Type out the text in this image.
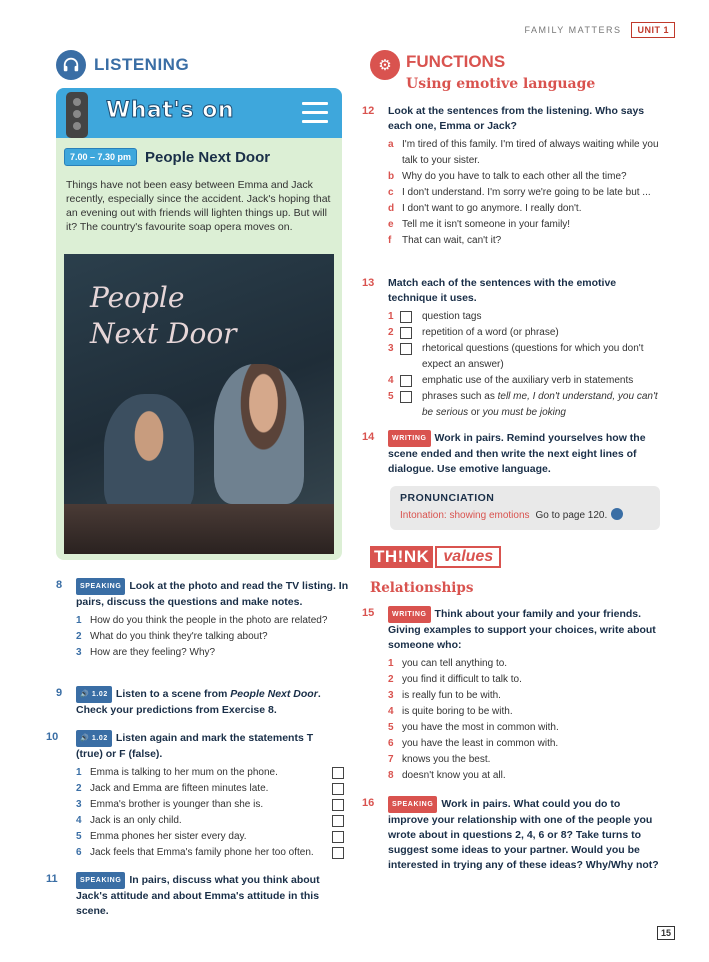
FAMILY MATTERS	UNIT 1
LISTENING
What's on
7.00 – 7.30 pm People Next Door
Things have not been easy between Emma and Jack recently, especially since the accident. Jack's hoping that an evening out with friends will lighten things up. But will it? The country's favourite soap opera moves on.
People
Next Door
8	SPEAKING Look at the photo and read the TV listing. In pairs, discuss the questions and make notes.
1 How do you think the people in the photo are related?
2 What do you think they're talking about?
3 How are they feeling? Why?
9	🔊 1.02 Listen to a scene from People Next Door. Check your predictions from Exercise 8.
10	🔊 1.02 Listen again and mark the statements T (true) or F (false).
1 Emma is talking to her mum on the phone.
2 Jack and Emma are fifteen minutes late.
3 Emma's brother is younger than she is.
4 Jack is an only child.
5 Emma phones her sister every day.
6 Jack feels that Emma's family phone her too often.
11	SPEAKING In pairs, discuss what you think about Jack's attitude and about Emma's attitude in this scene.
⚙ FUNCTIONS
Using emotive language
12	Look at the sentences from the listening. Who says each one, Emma or Jack?
a I'm tired of this family. I'm tired of always waiting while you talk to your sister.
b Why do you have to talk to each other all the time?
c I don't understand. I'm sorry we're going to be late but ...
d I don't want to go anymore. I really don't.
e Tell me it isn't someone in your family!
f That can wait, can't it?
13	Match each of the sentences with the emotive technique it uses.
1	question tags
2	repetition of a word (or phrase)
3	rhetorical questions (questions for which you don't expect an answer)
4	emphatic use of the auxiliary verb in statements
5	phrases such as tell me, I don't understand, you can't be serious or you must be joking
14	WRITING Work in pairs. Remind yourselves how the scene ended and then write the next eight lines of dialogue. Use emotive language.
PRONUNCIATION
Intonation: showing emotions Go to page 120.
TH!NK values
Relationships
15	WRITING Think about your family and your friends. Giving examples to support your choices, write about someone who:
1 you can tell anything to.
2 you find it difficult to talk to.
3 is really fun to be with.
4 is quite boring to be with.
5 you have the most in common with.
6 you have the least in common with.
7 knows you the best.
8 doesn't know you at all.
16	SPEAKING Work in pairs. What could you do to improve your relationship with one of the people you wrote about in questions 2, 4, 6 or 8? Take turns to suggest some ideas to your partner. Would you be interested in trying any of these ideas? Why/Why not?
15
